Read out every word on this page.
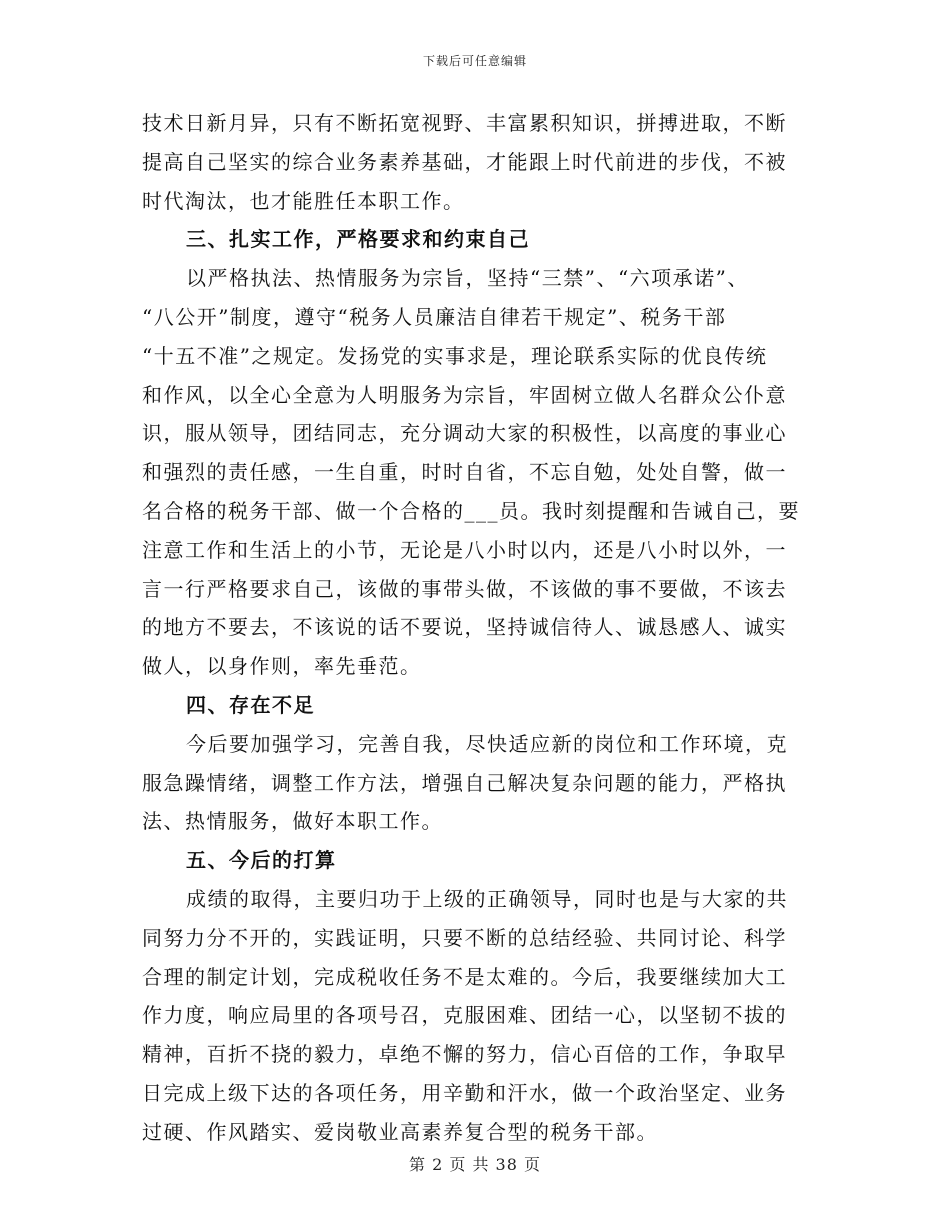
下载后可任意编辑
技术日新月异，只有不断拓宽视野、丰富累积知识，拼搏进取，不断
提高自己坚实的综合业务素养基础，才能跟上时代前进的步伐，不被
时代淘汰，也才能胜任本职工作。
三、扎实工作，严格要求和约束自己
以严格执法、热情服务为宗旨，坚持“三禁”、“六项承诺”、
“八公开”制度，遵守“税务人员廉洁自律若干规定”、税务干部
“十五不准”之规定。发扬党的实事求是，理论联系实际的优良传统
和作风，以全心全意为人明服务为宗旨，牢固树立做人名群众公仆意
识，服从领导，团结同志，充分调动大家的积极性，以高度的事业心
和强烈的责任感，一生自重，时时自省，不忘自勉，处处自警，做一
名合格的税务干部、做一个合格的___员。我时刻提醒和告诫自己，要
注意工作和生活上的小节，无论是八小时以内，还是八小时以外，一
言一行严格要求自己，该做的事带头做，不该做的事不要做，不该去
的地方不要去，不该说的话不要说，坚持诚信待人、诚恳感人、诚实
做人，以身作则，率先垂范。
四、存在不足
今后要加强学习，完善自我，尽快适应新的岗位和工作环境，克
服急躁情绪，调整工作方法，增强自己解决复杂问题的能力，严格执
法、热情服务，做好本职工作。
五、今后的打算
成绩的取得，主要归功于上级的正确领导，同时也是与大家的共
同努力分不开的，实践证明，只要不断的总结经验、共同讨论、科学
合理的制定计划，完成税收任务不是太难的。今后，我要继续加大工
作力度，响应局里的各项号召，克服困难、团结一心，以坚韧不拔的
精神，百折不挠的毅力，卓绝不懈的努力，信心百倍的工作，争取早
日完成上级下达的各项任务，用辛勤和汗水，做一个政治坚定、业务
过硬、作风踏实、爱岗敬业高素养复合型的税务干部。
第 2 页 共 38 页
